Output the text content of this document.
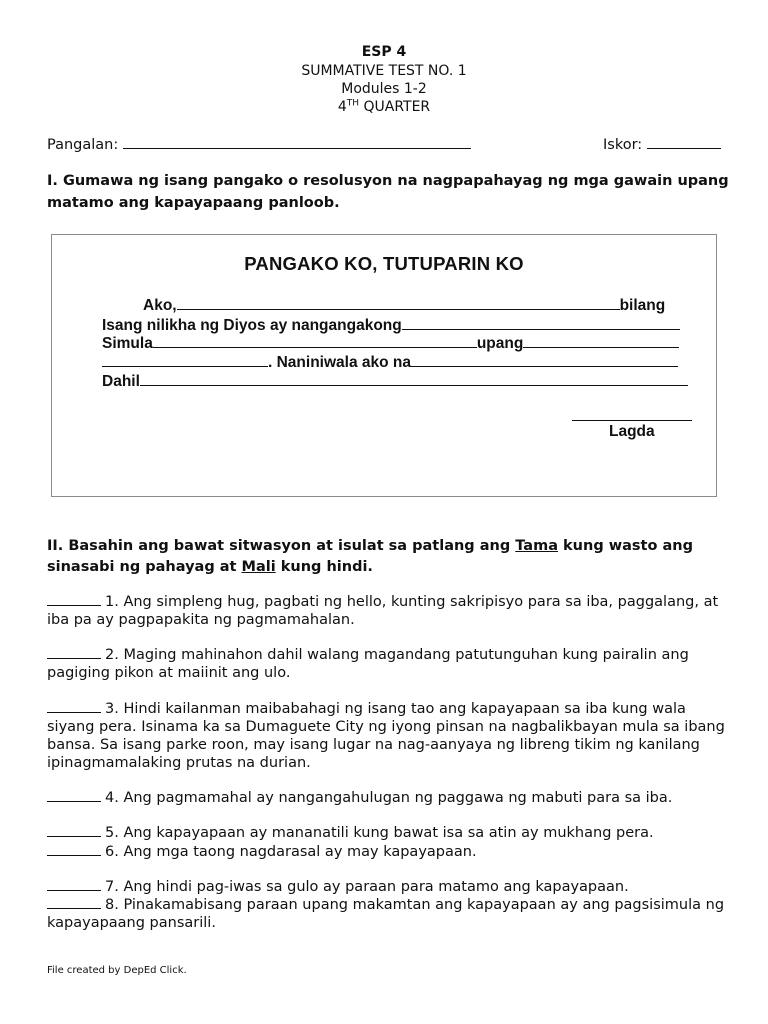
ESP 4
SUMMATIVE TEST NO. 1
Modules 1-2
4TH QUARTER
Pangalan:	Iskor:
I. Gumawa ng isang pangako o resolusyon na nagpapahayag ng mga gawain upang matamo ang kapayapaang panloob.
PANGAKO KO, TUTUPARIN KO
Ako,	bilang
Isang nilikha ng Diyos ay nangangakong
Simula	upang
. Naniniwala ako na
Dahil
Lagda
II. Basahin ang bawat sitwasyon at isulat sa patlang ang Tama kung wasto ang sinasabi ng pahayag at Mali kung hindi.
1. Ang simpleng hug, pagbati ng hello, kunting sakripisyo para sa iba, paggalang, at iba pa ay pagpapakita ng pagmamahalan.
2. Maging mahinahon dahil walang magandang patutunguhan kung pairalin ang pagiging pikon at maiinit ang ulo.
3. Hindi kailanman maibabahagi ng isang tao ang kapayapaan sa iba kung wala siyang pera. Isinama ka sa Dumaguete City ng iyong pinsan na nagbalikbayan mula sa ibang bansa. Sa isang parke roon, may isang lugar na nag-aanyaya ng libreng tikim ng kanilang ipinagmamalaking prutas na durian.
4. Ang pagmamahal ay nangangahulugan ng paggawa ng mabuti para sa iba.
5. Ang kapayapaan ay mananatili kung bawat isa sa atin ay mukhang pera.
6. Ang mga taong nagdarasal ay may kapayapaan.
7. Ang hindi pag-iwas sa gulo ay paraan para matamo ang kapayapaan.
8. Pinakamabisang paraan upang makamtan ang kapayapaan ay ang pagsisimula ng kapayapaang pansarili.
File created by DepEd Click.
